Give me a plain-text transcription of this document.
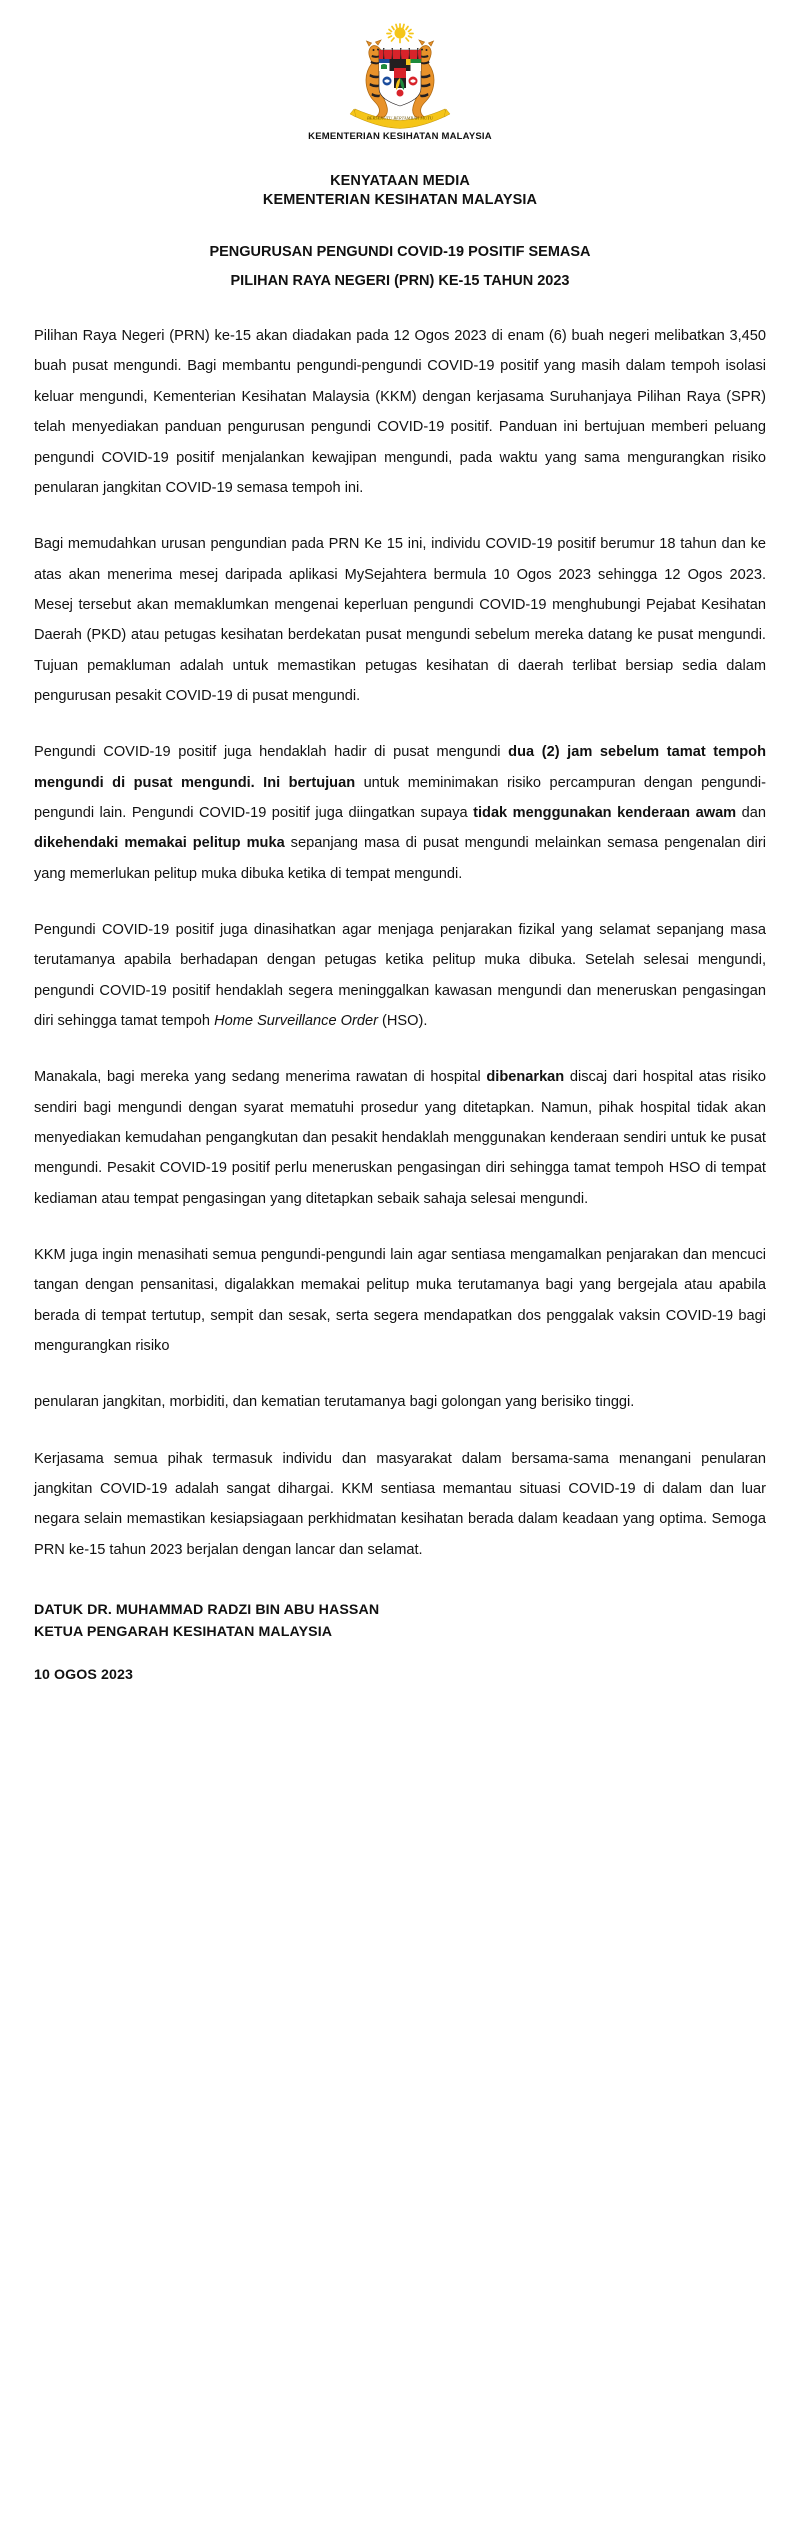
BERSEKUTU BERTAMBAH MUTU
KEMENTERIAN KESIHATAN MALAYSIA
KENYATAAN MEDIA
KEMENTERIAN KESIHATAN MALAYSIA
PENGURUSAN PENGUNDI COVID-19 POSITIF SEMASA
PILIHAN RAYA NEGERI (PRN) KE-15 TAHUN 2023

Pilihan Raya Negeri (PRN) ke-15 akan diadakan pada 12 Ogos 2023 di enam (6) buah negeri melibatkan 3,450 buah pusat mengundi. Bagi membantu pengundi-pengundi COVID-19 positif yang masih dalam tempoh isolasi keluar mengundi, Kementerian Kesihatan Malaysia (KKM) dengan kerjasama Suruhanjaya Pilihan Raya (SPR) telah menyediakan panduan pengurusan pengundi COVID-19 positif. Panduan ini bertujuan memberi peluang pengundi COVID-19 positif menjalankan kewajipan mengundi, pada waktu yang sama mengurangkan risiko penularan jangkitan COVID-19 semasa tempoh ini.

Bagi memudahkan urusan pengundian pada PRN Ke 15 ini, individu COVID-19 positif berumur 18 tahun dan ke atas akan menerima mesej daripada aplikasi MySejahtera bermula 10 Ogos 2023 sehingga 12 Ogos 2023. Mesej tersebut akan memaklumkan mengenai keperluan pengundi COVID-19 menghubungi Pejabat Kesihatan Daerah (PKD) atau petugas kesihatan berdekatan pusat mengundi sebelum mereka datang ke pusat mengundi. Tujuan pemakluman adalah untuk memastikan petugas kesihatan di daerah terlibat bersiap sedia dalam pengurusan pesakit COVID-19 di pusat mengundi.

Pengundi COVID-19 positif juga hendaklah hadir di pusat mengundi dua (2) jam sebelum tamat tempoh mengundi di pusat mengundi. Ini bertujuan untuk meminimakan risiko percampuran dengan pengundi-pengundi lain. Pengundi COVID-19 positif juga diingatkan supaya tidak menggunakan kenderaan awam dan dikehendaki memakai pelitup muka sepanjang masa di pusat mengundi melainkan semasa pengenalan diri yang memerlukan pelitup muka dibuka ketika di tempat mengundi.

Pengundi COVID-19 positif juga dinasihatkan agar menjaga penjarakan fizikal yang selamat sepanjang masa terutamanya apabila berhadapan dengan petugas ketika pelitup muka dibuka. Setelah selesai mengundi, pengundi COVID-19 positif hendaklah segera meninggalkan kawasan mengundi dan meneruskan pengasingan diri sehingga tamat tempoh Home Surveillance Order (HSO).

Manakala, bagi mereka yang sedang menerima rawatan di hospital dibenarkan discaj dari hospital atas risiko sendiri bagi mengundi dengan syarat mematuhi prosedur yang ditetapkan. Namun, pihak hospital tidak akan menyediakan kemudahan pengangkutan dan pesakit hendaklah menggunakan kenderaan sendiri untuk ke pusat mengundi. Pesakit COVID-19 positif perlu meneruskan pengasingan diri sehingga tamat tempoh HSO di tempat kediaman atau tempat pengasingan yang ditetapkan sebaik sahaja selesai mengundi.

KKM juga ingin menasihati semua pengundi-pengundi lain agar sentiasa mengamalkan penjarakan dan mencuci tangan dengan pensanitasi, digalakkan memakai pelitup muka terutamanya bagi yang bergejala atau apabila berada di tempat tertutup, sempit dan sesak, serta segera mendapatkan dos penggalak vaksin COVID-19 bagi mengurangkan risiko

penularan jangkitan, morbiditi, dan kematian terutamanya bagi golongan yang berisiko tinggi.

Kerjasama semua pihak termasuk individu dan masyarakat dalam bersama-sama menangani penularan jangkitan COVID-19 adalah sangat dihargai. KKM sentiasa memantau situasi COVID-19 di dalam dan luar negara selain memastikan kesiapsiagaan perkhidmatan kesihatan berada dalam keadaan yang optima. Semoga PRN ke-15 tahun 2023 berjalan dengan lancar dan selamat.

DATUK DR. MUHAMMAD RADZI BIN ABU HASSAN
KETUA PENGARAH KESIHATAN MALAYSIA
10 OGOS 2023
